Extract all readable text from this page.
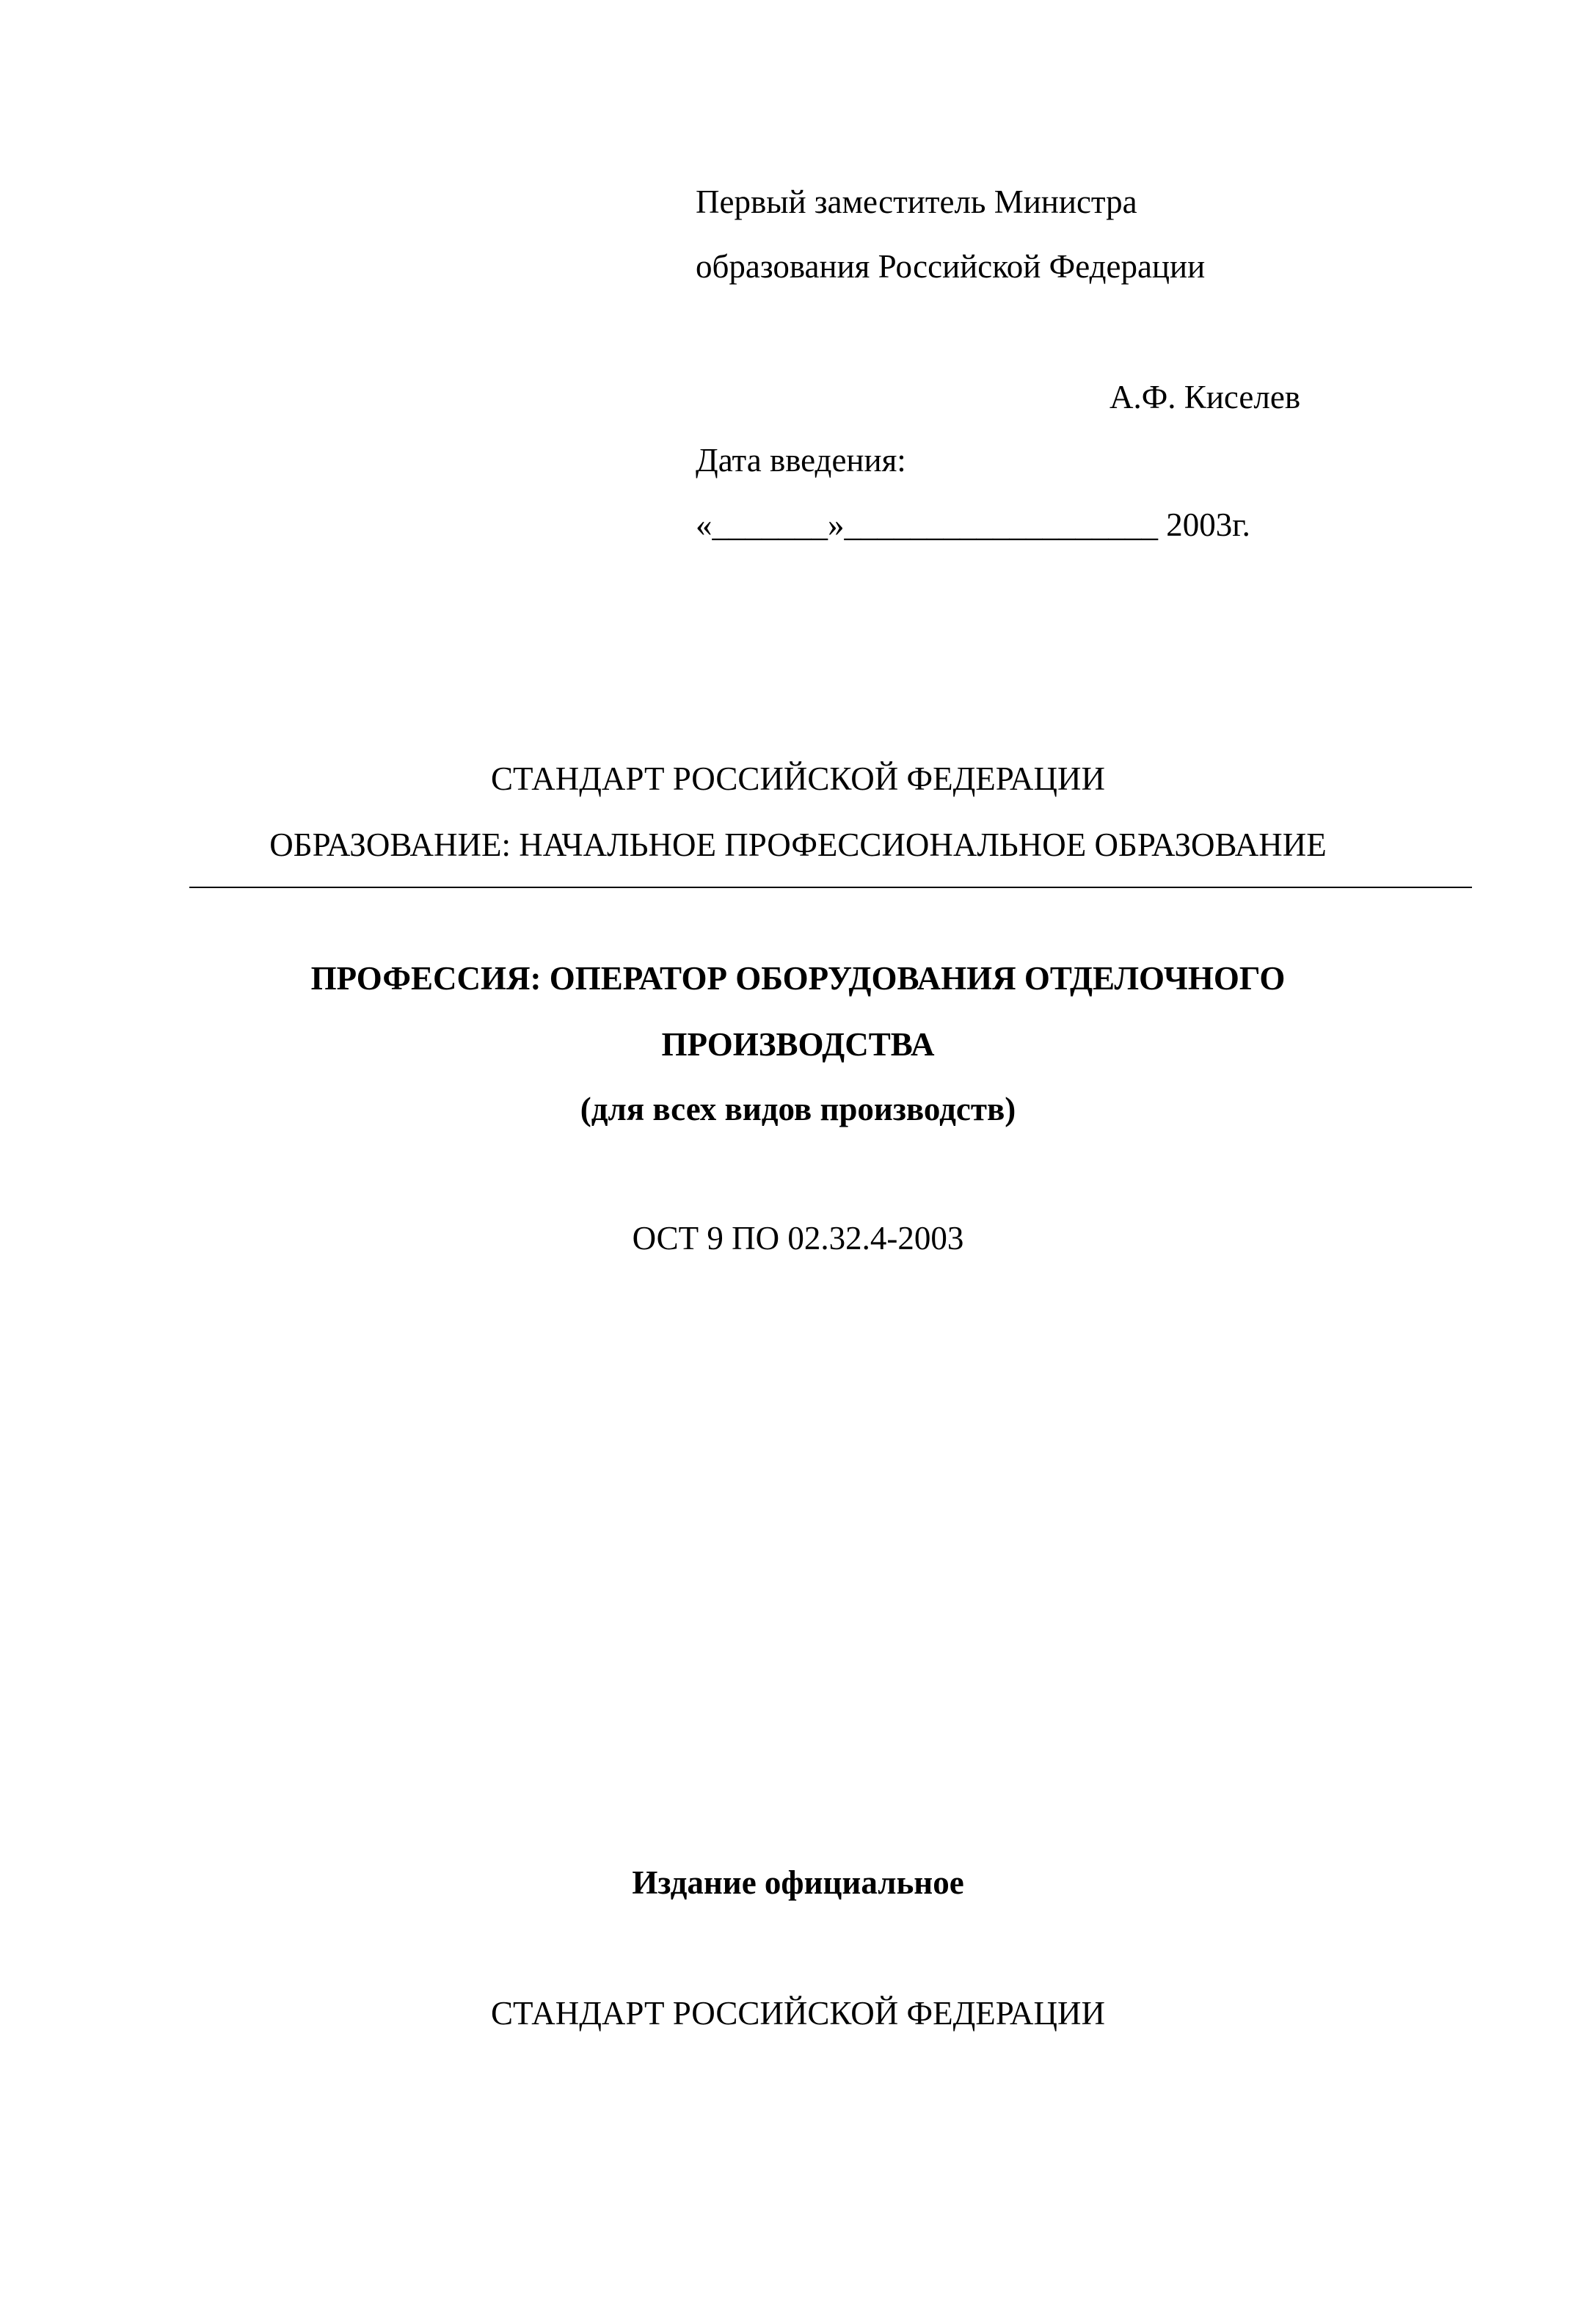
Первый заместитель Министра
образования Российской Федерации
А.Ф. Киселев
Дата введения:
«_______»___________________ 2003г.
СТАНДАРТ РОССИЙСКОЙ ФЕДЕРАЦИИ
ОБРАЗОВАНИЕ: НАЧАЛЬНОЕ ПРОФЕССИОНАЛЬНОЕ ОБРАЗОВАНИЕ
ПРОФЕССИЯ: ОПЕРАТОР ОБОРУДОВАНИЯ ОТДЕЛОЧНОГО
ПРОИЗВОДСТВА
(для всех видов производств)
ОСТ 9 ПО 02.32.4-2003
Издание официальное
СТАНДАРТ РОССИЙСКОЙ ФЕДЕРАЦИИ
